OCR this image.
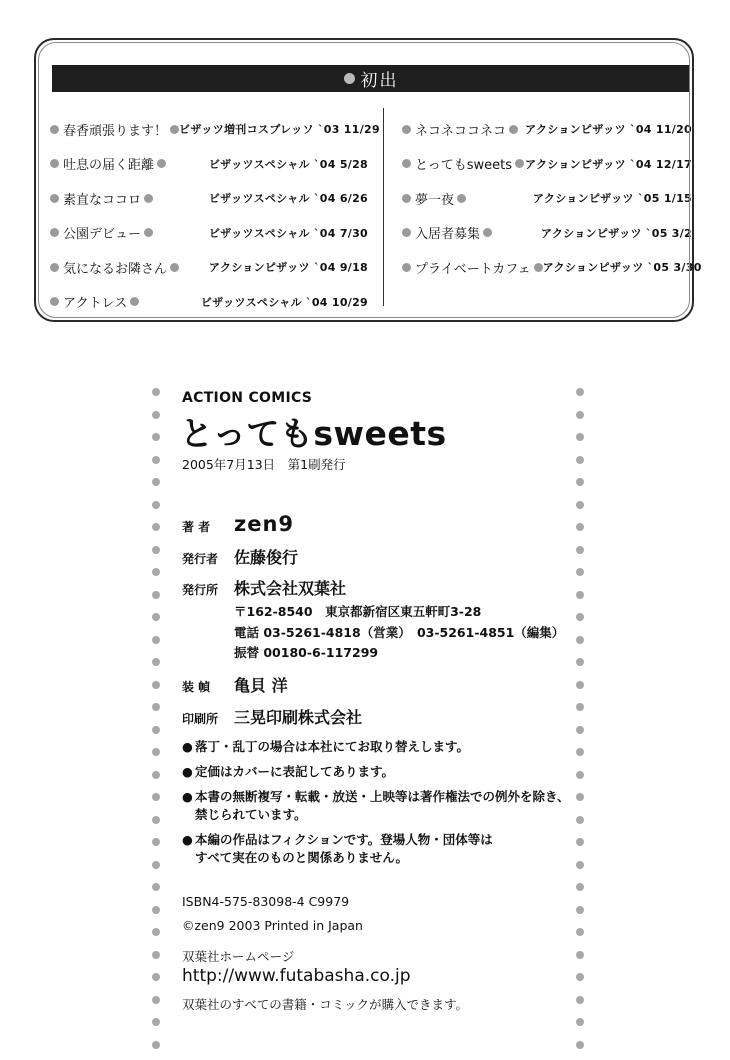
初出
春香頑張ります！ ビザッツ増刊コスプレッソ `03 11/29
吐息の届く距離	ビザッツスペシャル `04 5/28
素直なココロ	ビザッツスペシャル `04 6/26
公園デビュー	ビザッツスペシャル `04 7/30
気になるお隣さん	アクションピザッツ `04 9/18
アクトレス	ビザッツスペシャル `04 10/29
ネコネココネコ アクションピザッツ `04 11/20
とってもsweets アクションピザッツ `04 12/17
夢一夜	アクションピザッツ `05 1/15
入居者募集	アクションピザッツ `05 3/2
プライベートカフェ アクションピザッツ `05 3/30
ACTION COMICS
とってもsweets
2005年7月13日　第1刷発行
著 者	zen9
発行者 佐藤俊行
発行所 株式会社双葉社
〒162-8540　東京都新宿区東五軒町3-28
電話 03-5261-4818（営業）　03-5261-4851（編集）
振替 00180-6-117299
装 幀	亀貝 洋
印刷所 三晃印刷株式会社
● 落丁・乱丁の場合は本社にてお取り替えします。
● 定価はカバーに表記してあります。
● 本書の無断複写・転載・放送・上映等は著作権法での例外を除き、
禁じられています。
● 本編の作品はフィクションです。登場人物・団体等は
すべて実在のものと関係ありません。
ISBN4-575-83098-4 C9979
©zen9 2003 Printed in Japan
双葉社ホームページ
http://www.futabasha.co.jp
双葉社のすべての書籍・コミックが購入できます。
